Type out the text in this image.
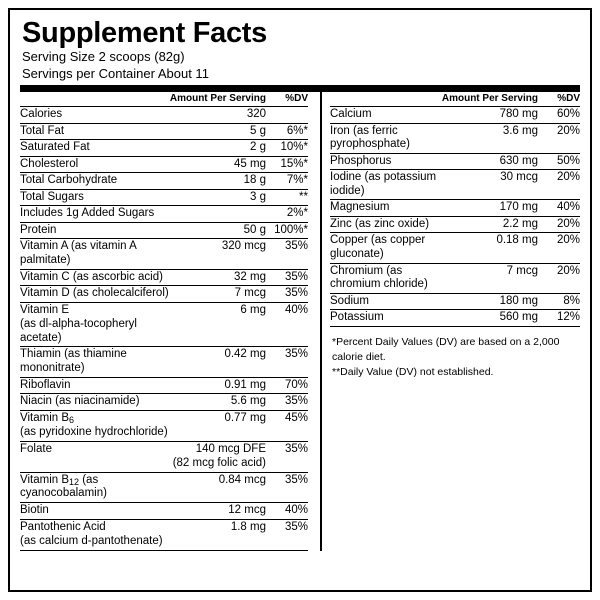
Supplement Facts
Serving Size 2 scoops (82g)
Servings per Container About 11
	Amount Per Serving	%DV
Calories	320	
Total Fat	5 g	6%*
Saturated Fat	2 g	10%*
Cholesterol	45 mg	15%*
Total Carbohydrate	18 g	7%*
Total Sugars	3 g	**
Includes 1g Added Sugars		2%*
Protein	50 g	100%*
Vitamin A (as vitamin A palmitate)	320 mcg	35%
Vitamin C (as ascorbic acid)	32 mg	35%
Vitamin D (as cholecalciferol)	7 mcg	35%
Vitamin E	6 mg	40%
(as dl-alpha-tocopheryl acetate)		
Thiamin (as thiamine mononitrate)	0.42 mg	35%
Riboflavin	0.91 mg	70%
Niacin (as niacinamide)	5.6 mg	35%
Vitamin B6	0.77 mg	45%
(as pyridoxine hydrochloride)		
Folate	140 mcg DFE	35%
	(82 mcg folic acid)	
Vitamin B12 (as cyanocobalamin)	0.84 mcg	35%
Biotin	12 mcg	40%
Pantothenic Acid	1.8 mg	35%
(as calcium d-pantothenate)		
	Amount Per Serving	%DV
Calcium	780 mg	60%
Iron (as ferric pyrophosphate)	3.6 mg	20%
Phosphorus	630 mg	50%
Iodine (as potassium iodide)	30 mcg	20%
Magnesium	170 mg	40%
Zinc (as zinc oxide)	2.2 mg	20%
Copper (as copper gluconate)	0.18 mg	20%
Chromium (as chromium chloride)	7 mcg	20%
Sodium	180 mg	8%
Potassium	560 mg	12%
*Percent Daily Values (DV) are based on a 2,000 calorie diet.
**Daily Value (DV) not established.
